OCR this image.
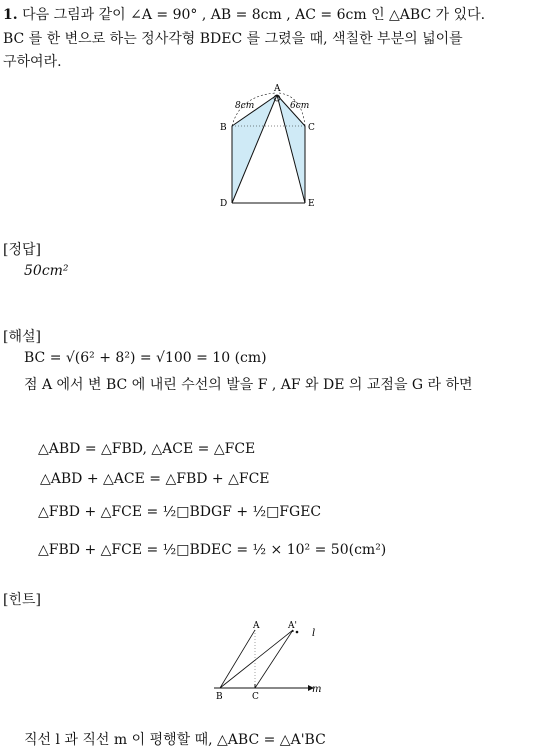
1. 다음 그림과 같이 ∠A = 90° , AB = 8cm , AC = 6cm 인 △ABC 가 있다.
BC 를 한 변으로 하는 정사각형 BDEC 를 그렸을 때, 색칠한 부분의 넓이를
구하여라.
A
B	C
D	E
8cm	6cm
[정답]
50cm²
[해설]
BC = √(6² + 8²) = √100 = 10 (cm)
점 A 에서 변 BC 에 내린 수선의 발을 F , AF 와 DE 의 교점을 G 라 하면
△ABD = △FBD, △ACE = △FCE
△ABD + △ACE = △FBD + △FCE
△FBD + △FCE = ½□BDGF + ½□FGEC
△FBD + △FCE = ½□BDEC = ½ × 10² = 50(cm²)
[힌트]
A	A'
l
m
B	C
직선 l 과 직선 m 이 평행할 때, △ABC = △A'BC
